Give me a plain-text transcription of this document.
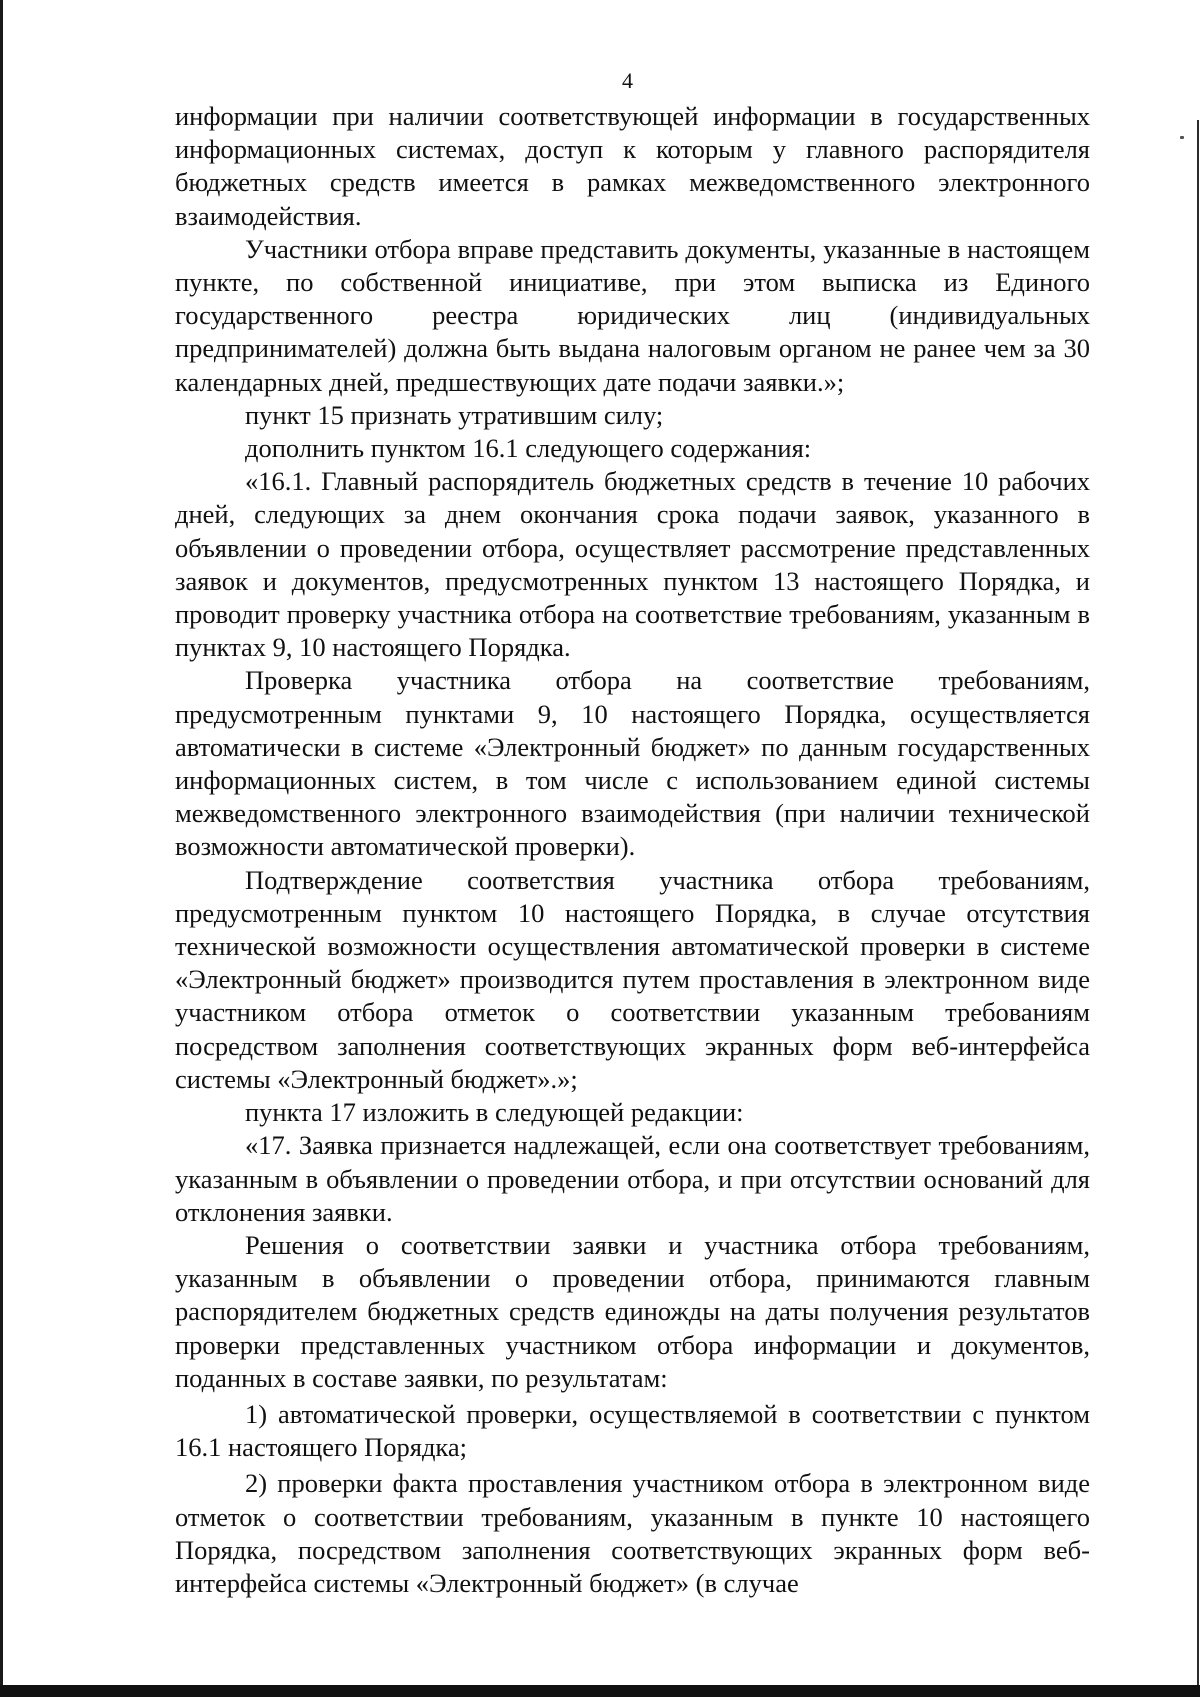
4

информации при наличии соответствующей информации в государственных информационных системах, доступ к которым у главного распорядителя бюджетных средств имеется в рамках межведомственного электронного взаимодействия.

Участники отбора вправе представить документы, указанные в настоящем пункте, по собственной инициативе, при этом выписка из Единого государственного реестра юридических лиц (индивидуальных предпринимателей) должна быть выдана налоговым органом не ранее чем за 30 календарных дней, предшествующих дате подачи заявки.»;

пункт 15 признать утратившим силу;

дополнить пунктом 16.1 следующего содержания:

«16.1. Главный распорядитель бюджетных средств в течение 10 рабочих дней, следующих за днем окончания срока подачи заявок, указанного в объявлении о проведении отбора, осуществляет рассмотрение представленных заявок и документов, предусмотренных пунктом 13 настоящего Порядка, и проводит проверку участника отбора на соответствие требованиям, указанным в пунктах 9, 10 настоящего Порядка.

Проверка участника отбора на соответствие требованиям, предусмотренным пунктами 9, 10 настоящего Порядка, осуществляется автоматически в системе «Электронный бюджет» по данным государственных информационных систем, в том числе с использованием единой системы межведомственного электронного взаимодействия (при наличии технической возможности автоматической проверки).

Подтверждение соответствия участника отбора требованиям, предусмотренным пунктом 10 настоящего Порядка, в случае отсутствия технической возможности осуществления автоматической проверки в системе «Электронный бюджет» производится путем проставления в электронном виде участником отбора отметок о соответствии указанным требованиям посредством заполнения соответствующих экранных форм веб-интерфейса системы «Электронный бюджет».»;

пункта 17 изложить в следующей редакции:

«17. Заявка признается надлежащей, если она соответствует требованиям, указанным в объявлении о проведении отбора, и при отсутствии оснований для отклонения заявки.

Решения о соответствии заявки и участника отбора требованиям, указанным в объявлении о проведении отбора, принимаются главным распорядителем бюджетных средств единожды на даты получения результатов проверки представленных участником отбора информации и документов, поданных в составе заявки, по результатам:

1) автоматической проверки, осуществляемой в соответствии с пунктом 16.1 настоящего Порядка;

2) проверки факта проставления участником отбора в электронном виде отметок о соответствии требованиям, указанным в пункте 10 настоящего Порядка, посредством заполнения соответствующих экранных форм веб-интерфейса системы «Электронный бюджет» (в случае
